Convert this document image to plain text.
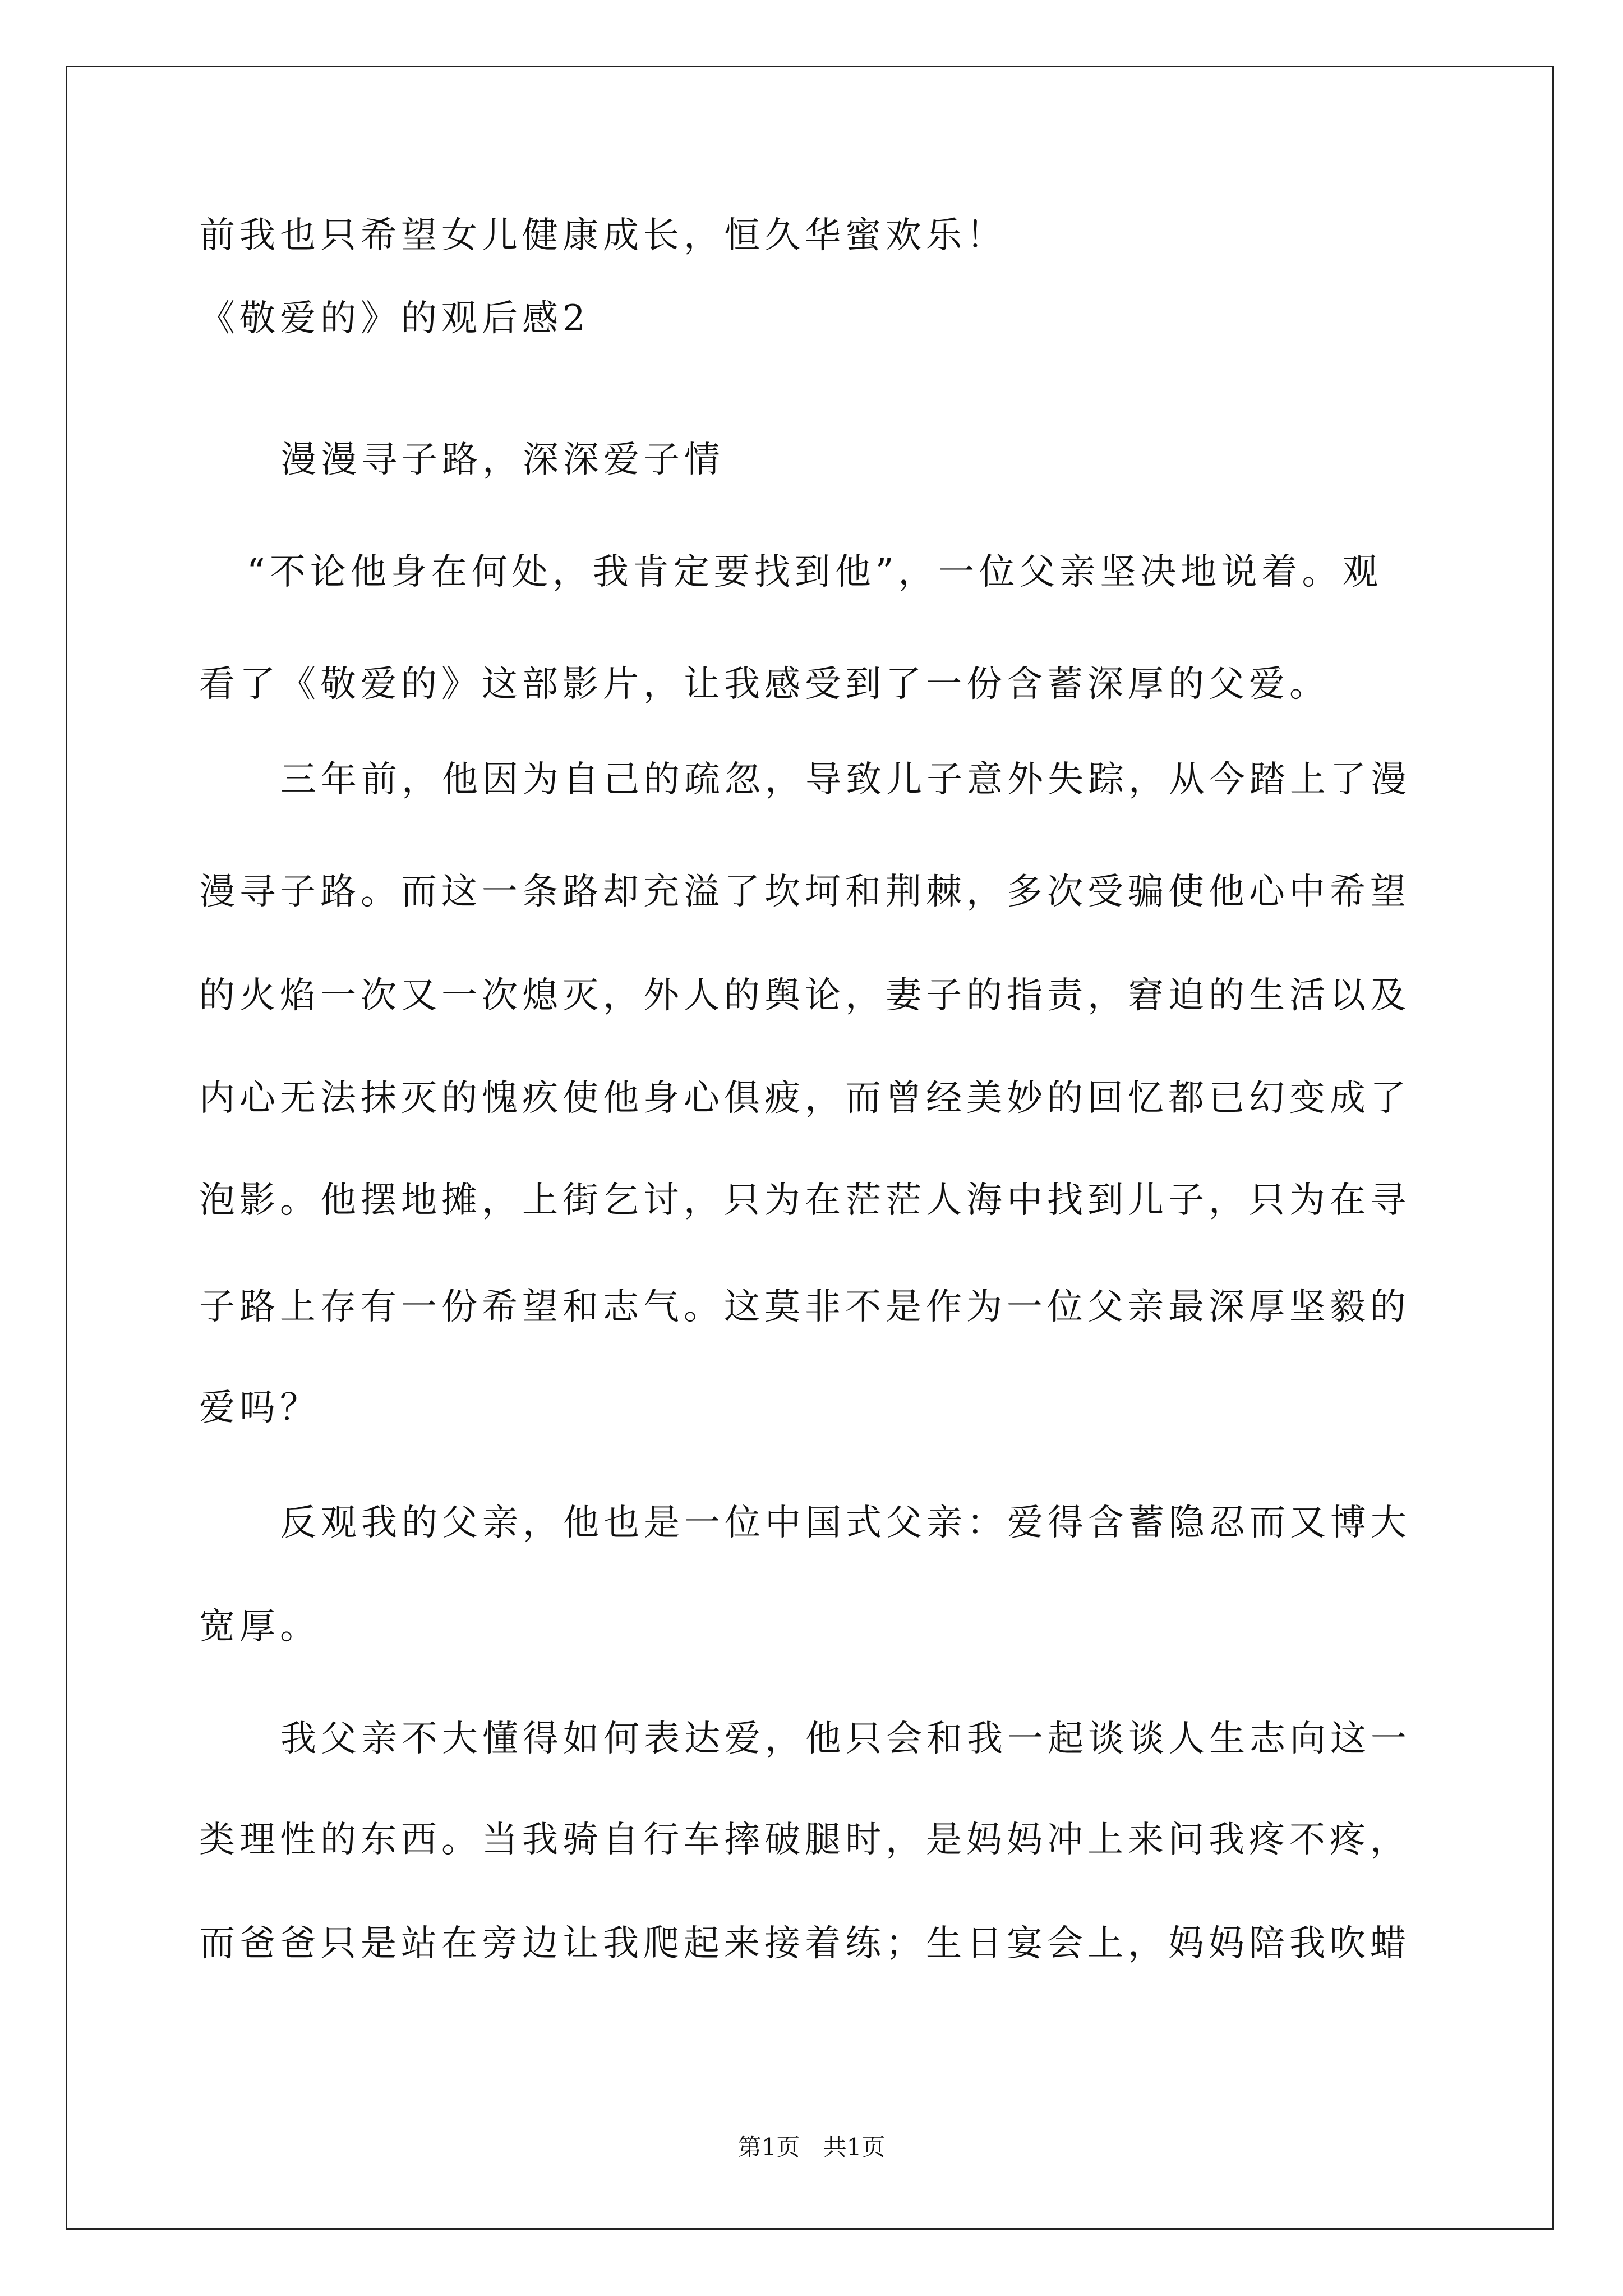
前我也只希望女儿健康成长，恒久华蜜欢乐！
《敬爱的》的观后感2
漫漫寻子路，深深爱子情
“不论他身在何处，我肯定要找到他”，一位父亲坚决地说着。观
看了《敬爱的》这部影片，让我感受到了一份含蓄深厚的父爱。
三年前，他因为自己的疏忽，导致儿子意外失踪，从今踏上了漫
漫寻子路。而这一条路却充溢了坎坷和荆棘，多次受骗使他心中希望
的火焰一次又一次熄灭，外人的舆论，妻子的指责，窘迫的生活以及
内心无法抹灭的愧疚使他身心俱疲，而曾经美妙的回忆都已幻变成了
泡影。他摆地摊，上街乞讨，只为在茫茫人海中找到儿子，只为在寻
子路上存有一份希望和志气。这莫非不是作为一位父亲最深厚坚毅的
爱吗？
反观我的父亲，他也是一位中国式父亲：爱得含蓄隐忍而又博大
宽厚。
我父亲不大懂得如何表达爱，他只会和我一起谈谈人生志向这一
类理性的东西。当我骑自行车摔破腿时，是妈妈冲上来问我疼不疼，
而爸爸只是站在旁边让我爬起来接着练；生日宴会上，妈妈陪我吹蜡
第1页 共1页
